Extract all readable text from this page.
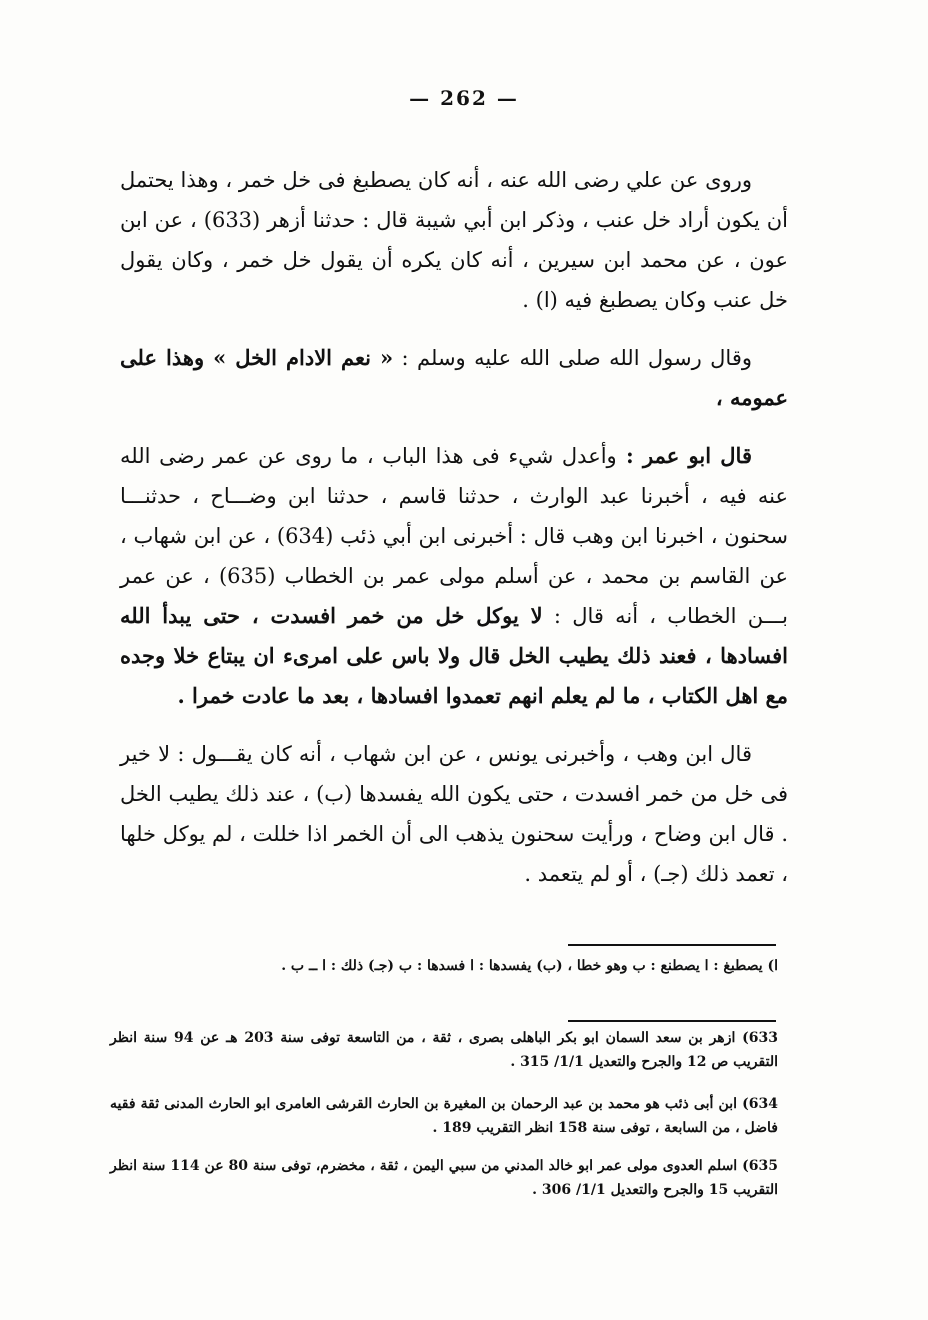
— 262 —

وروى عن علي رضى الله عنه ، أنه كان يصطبغ فى خل خمر ، وهذا يحتمل أن يكون أراد خل عنب ، وذكر ابن أبي شيبة قال : حدثنا أزهر (633) ، عن ابن عون ، عن محمد ابن سيرين ، أنه كان يكره أن يقول خل خمر ، وكان يقول خل عنب وكان يصطبغ فيه (ا) .

وقال رسول الله صلى الله عليه وسلم : « نعم الادام الخل » وهذا على عمومه ،

قال ابو عمر : وأعدل شيء فى هذا الباب ، ما روى عن عمر رضى الله عنه فيه ، أخبرنا عبد الوارث ، حدثنا قاسم ، حدثنا ابن وضـــاح ، حدثنـــا سحنون ، اخبرنا ابن وهب قال : أخبرنى ابن أبي ذئب (634) ، عن ابن شهاب ، عن القاسم بن محمد ، عن أسلم مولى عمر بن الخطاب (635) ، عن عمر بـــن الخطاب ، أنه قال : لا يوكل خل من خمر افسدت ، حتى يبدأ الله افسادها ، فعند ذلك يطيب الخل قال ولا باس على امرىء ان يبتاع خلا وجده مع اهل الكتاب ، ما لم يعلم انهم تعمدوا افسادها ، بعد ما عادت خمرا .

قال ابن وهب ، وأخبرنى يونس ، عن ابن شهاب ، أنه كان يقـــول : لا خير فى خل من خمر افسدت ، حتى يكون الله يفسدها (ب) ، عند ذلك يطيب الخل . قال ابن وضاح ، ورأيت سحنون يذهب الى أن الخمر اذا خللت ، لم يوكل خلها ، تعمد ذلك (جـ) ، أو لم يتعمد .

ا) يصطبغ : ا يصطنع : ب وهو خطا ، (ب) يفسدها : ا فسدها : ب (جـ) ذلك : ا ــ ب .
633) ازهر بن سعد السمان ابو بكر الباهلى بصرى ، ثقة ، من التاسعة توفى سنة 203 هـ عن 94 سنة انظر التقريب ص 12 والجرح والتعديل 1/1/ 315 .
634) ابن أبى ذئب هو محمد بن عبد الرحمان بن المغيرة بن الحارث القرشى العامرى ابو الحارث المدنى ثقة فقيه فاضل ، من السابعة ، توفى سنة 158 انظر التقريب 189 .
635) اسلم العدوى مولى عمر ابو خالد المدني من سبي اليمن ، ثقة ، مخضرم، توفى سنة 80 عن 114 سنة انظر التقريب 15 والجرح والتعديل 1/1/ 306 .
